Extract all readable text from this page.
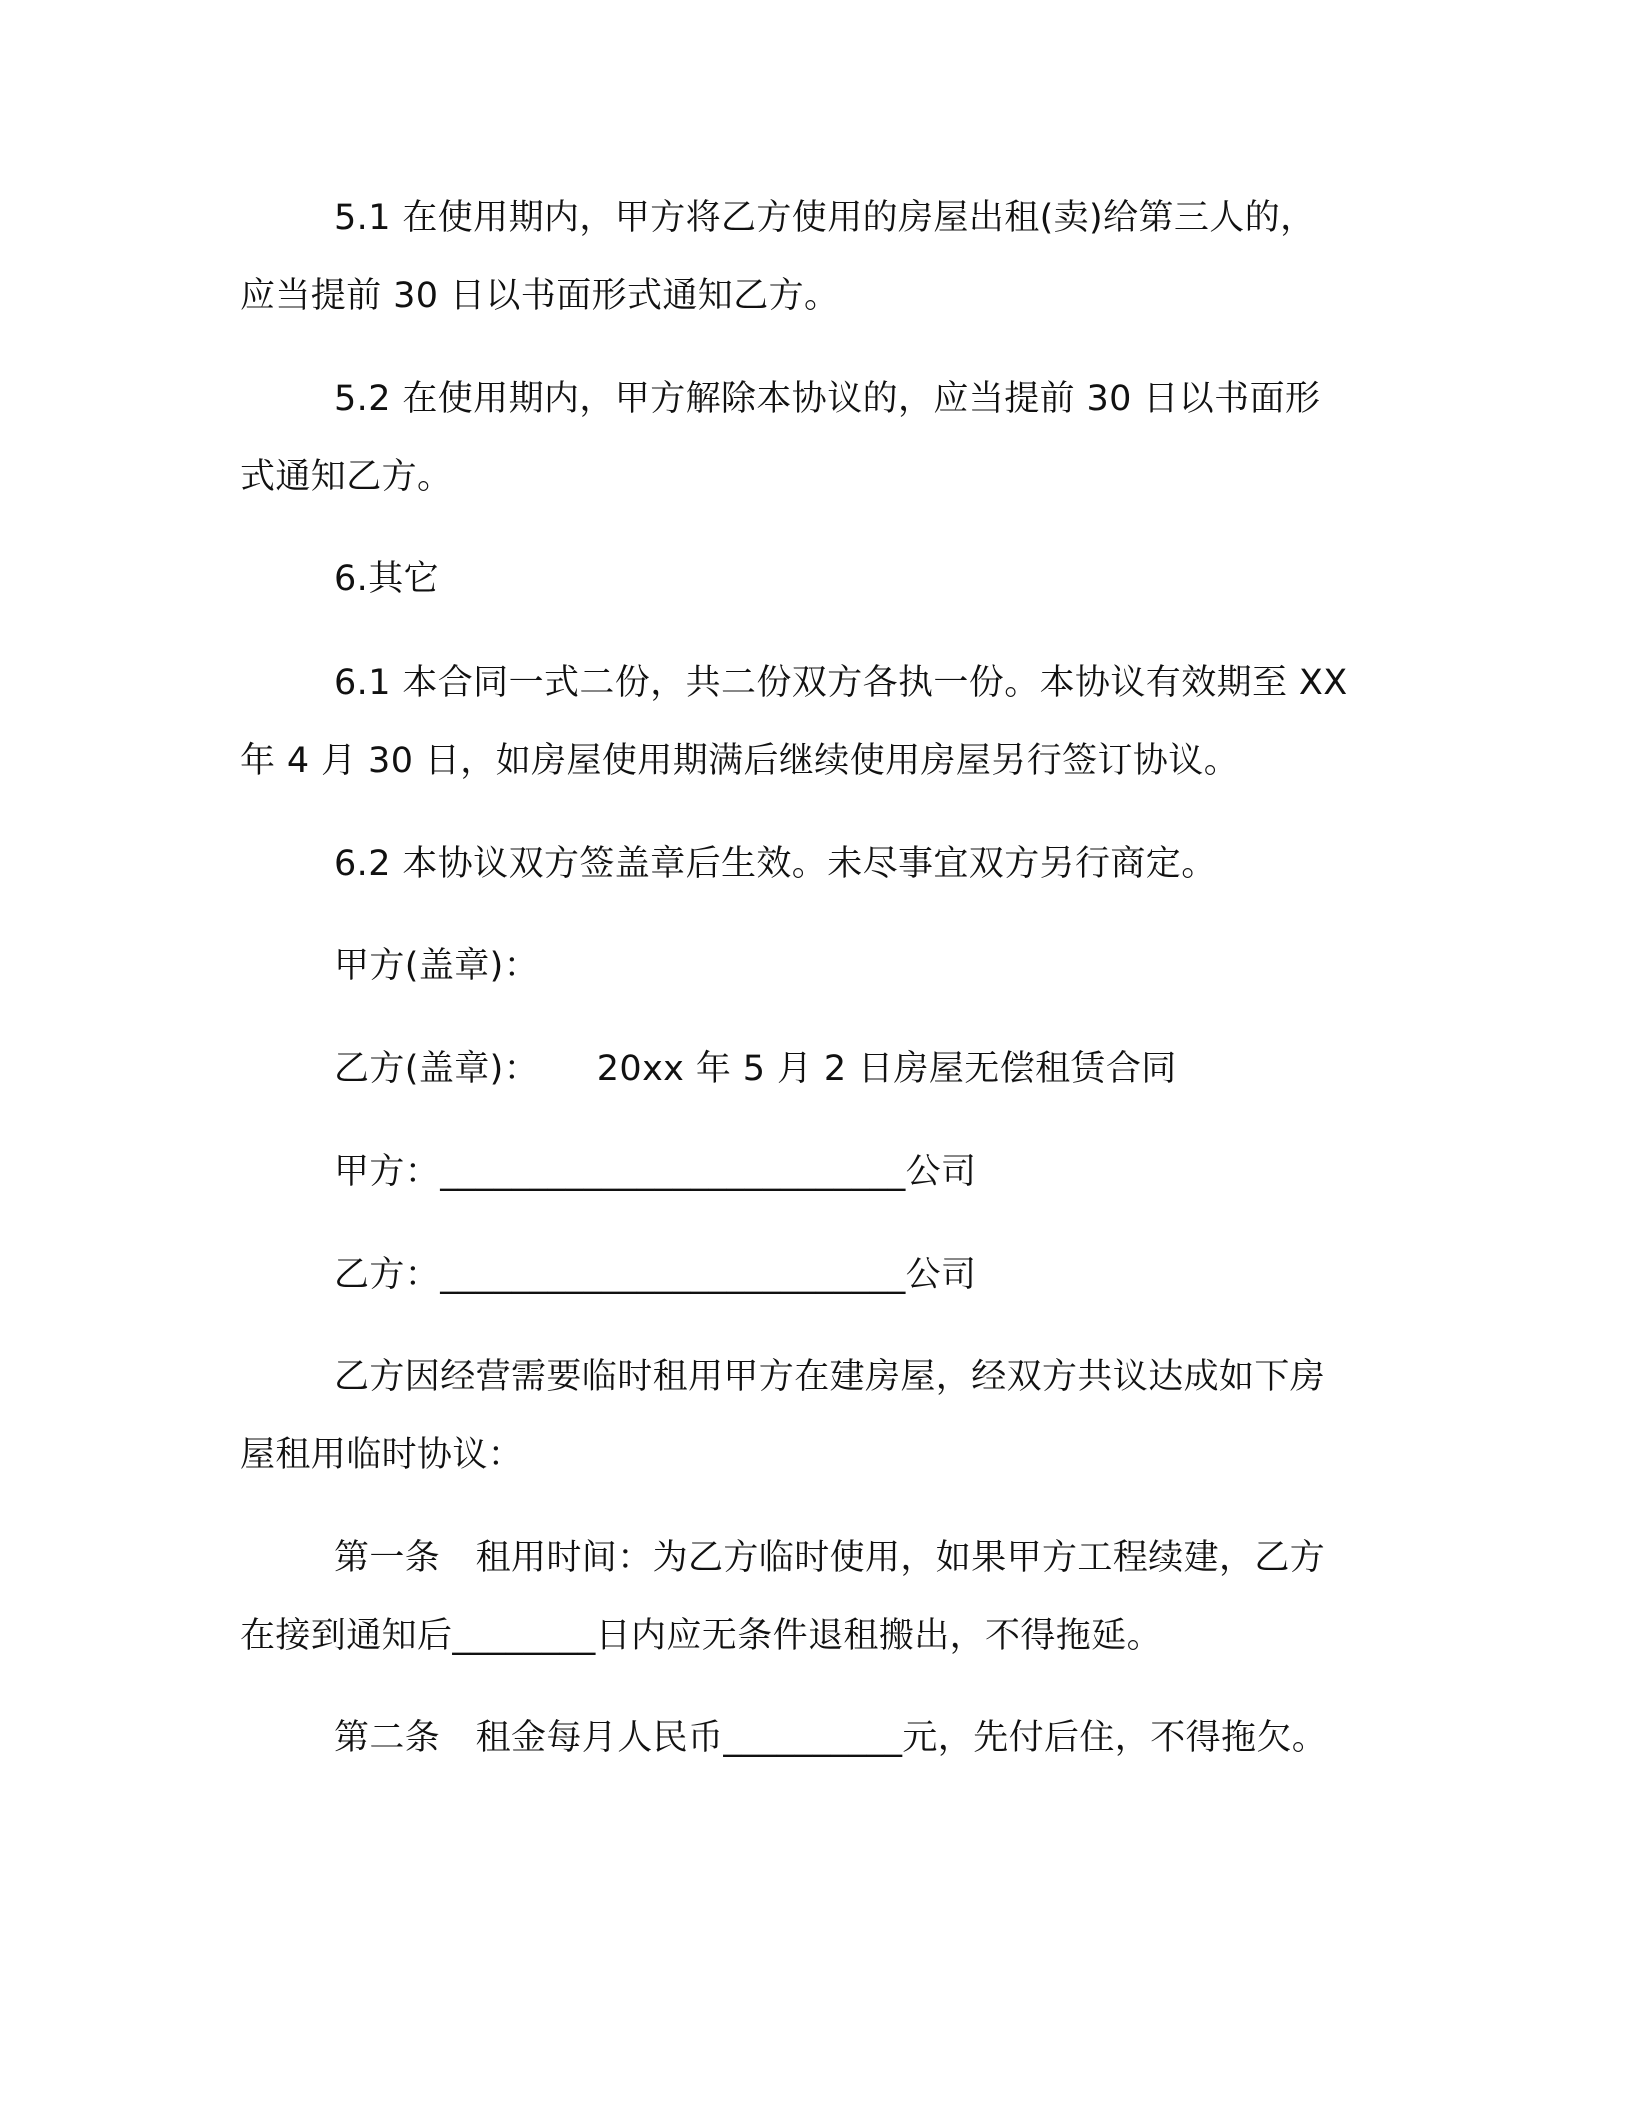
5.1 在使用期内，甲方将乙方使用的房屋出租(卖)给第三人的，
应当提前 30 日以书面形式通知乙方。
5.2 在使用期内，甲方解除本协议的，应当提前 30 日以书面形
式通知乙方。
6.其它
6.1 本合同一式二份，共二份双方各执一份。本协议有效期至 XX
年 4 月 30 日，如房屋使用期满后继续使用房屋另行签订协议。
6.2 本协议双方签盖章后生效。未尽事宜双方另行商定。
甲方(盖章)：
乙方(盖章)：     20xx 年 5 月 2 日房屋无偿租赁合同
甲方：__________________________公司
乙方：__________________________公司
乙方因经营需要临时租用甲方在建房屋，经双方共议达成如下房
屋租用临时协议：
第一条　租用时间：为乙方临时使用，如果甲方工程续建，乙方
在接到通知后________日内应无条件退租搬出，不得拖延。
第二条　租金每月人民币__________元，先付后住，不得拖欠。
